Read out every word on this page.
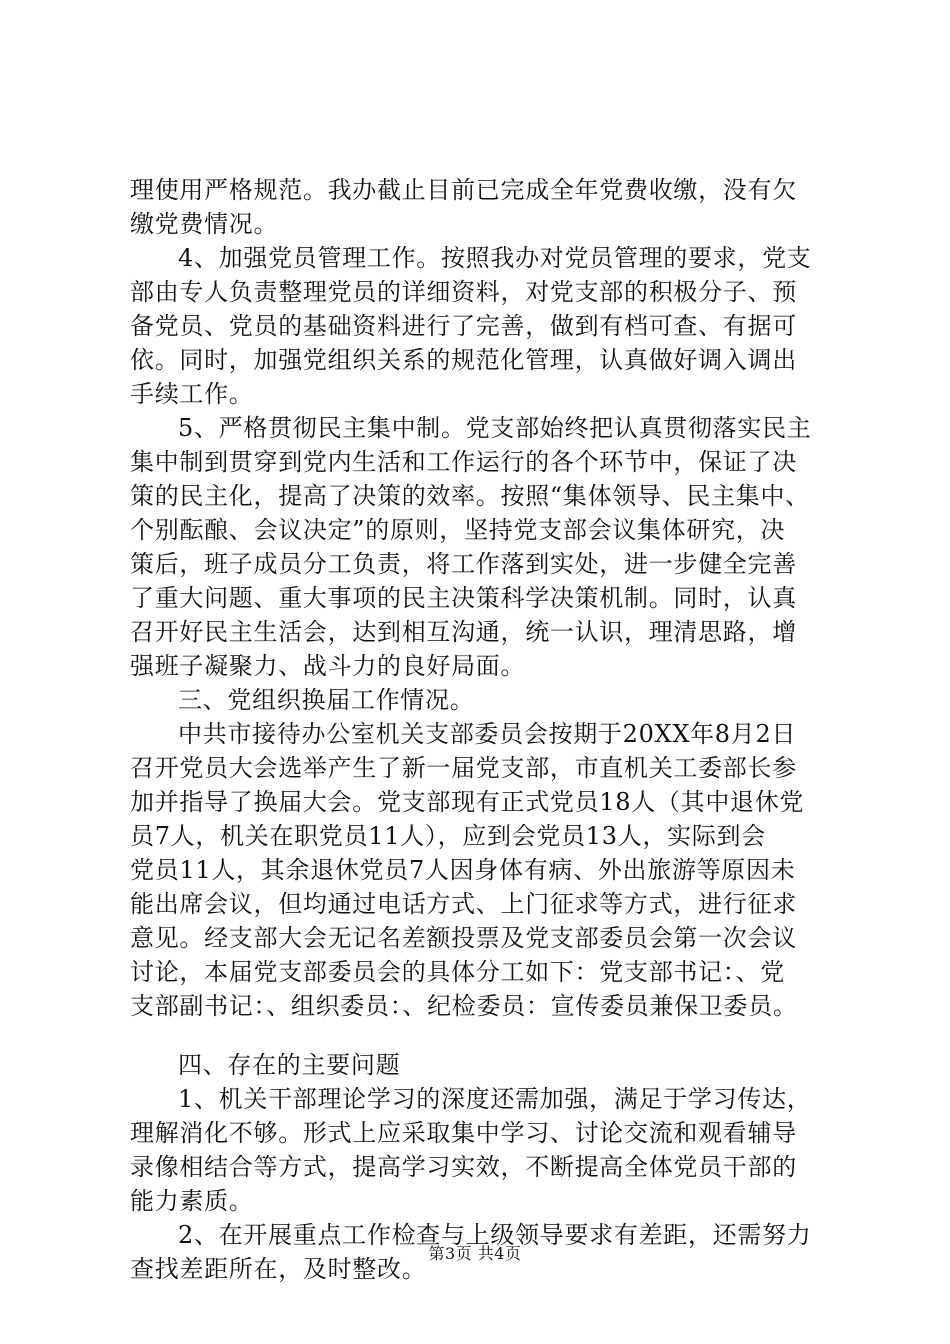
理使用严格规范。我办截止目前已完成全年党费收缴，没有欠
缴党费情况。
4、加强党员管理工作。按照我办对党员管理的要求，党支
部由专人负责整理党员的详细资料，对党支部的积极分子、预
备党员、党员的基础资料进行了完善，做到有档可查、有据可
依。同时，加强党组织关系的规范化管理，认真做好调入调出
手续工作。
5、严格贯彻民主集中制。党支部始终把认真贯彻落实民主
集中制到贯穿到党内生活和工作运行的各个环节中，保证了决
策的民主化，提高了决策的效率。按照“集体领导、民主集中、
个别酝酿、会议决定”的原则，坚持党支部会议集体研究，决
策后，班子成员分工负责，将工作落到实处，进一步健全完善
了重大问题、重大事项的民主决策科学决策机制。同时，认真
召开好民主生活会，达到相互沟通，统一认识，理清思路，增
强班子凝聚力、战斗力的良好局面。
三、党组织换届工作情况。
中共市接待办公室机关支部委员会按期于20XX年8月2日
召开党员大会选举产生了新一届党支部，市直机关工委部长参
加并指导了换届大会。党支部现有正式党员18人（其中退休党
员7人，机关在职党员11人），应到会党员13人，实际到会
党员11人，其余退休党员7人因身体有病、外出旅游等原因未
能出席会议，但均通过电话方式、上门征求等方式，进行征求
意见。经支部大会无记名差额投票及党支部委员会第一次会议
讨论，本届党支部委员会的具体分工如下：党支部书记：、党
支部副书记：、组织委员：、纪检委员：宣传委员兼保卫委员。
四、存在的主要问题
1、机关干部理论学习的深度还需加强，满足于学习传达，
理解消化不够。形式上应采取集中学习、讨论交流和观看辅导
录像相结合等方式，提高学习实效，不断提高全体党员干部的
能力素质。
2、在开展重点工作检查与上级领导要求有差距，还需努力
查找差距所在，及时整改。
第3页 共4页
